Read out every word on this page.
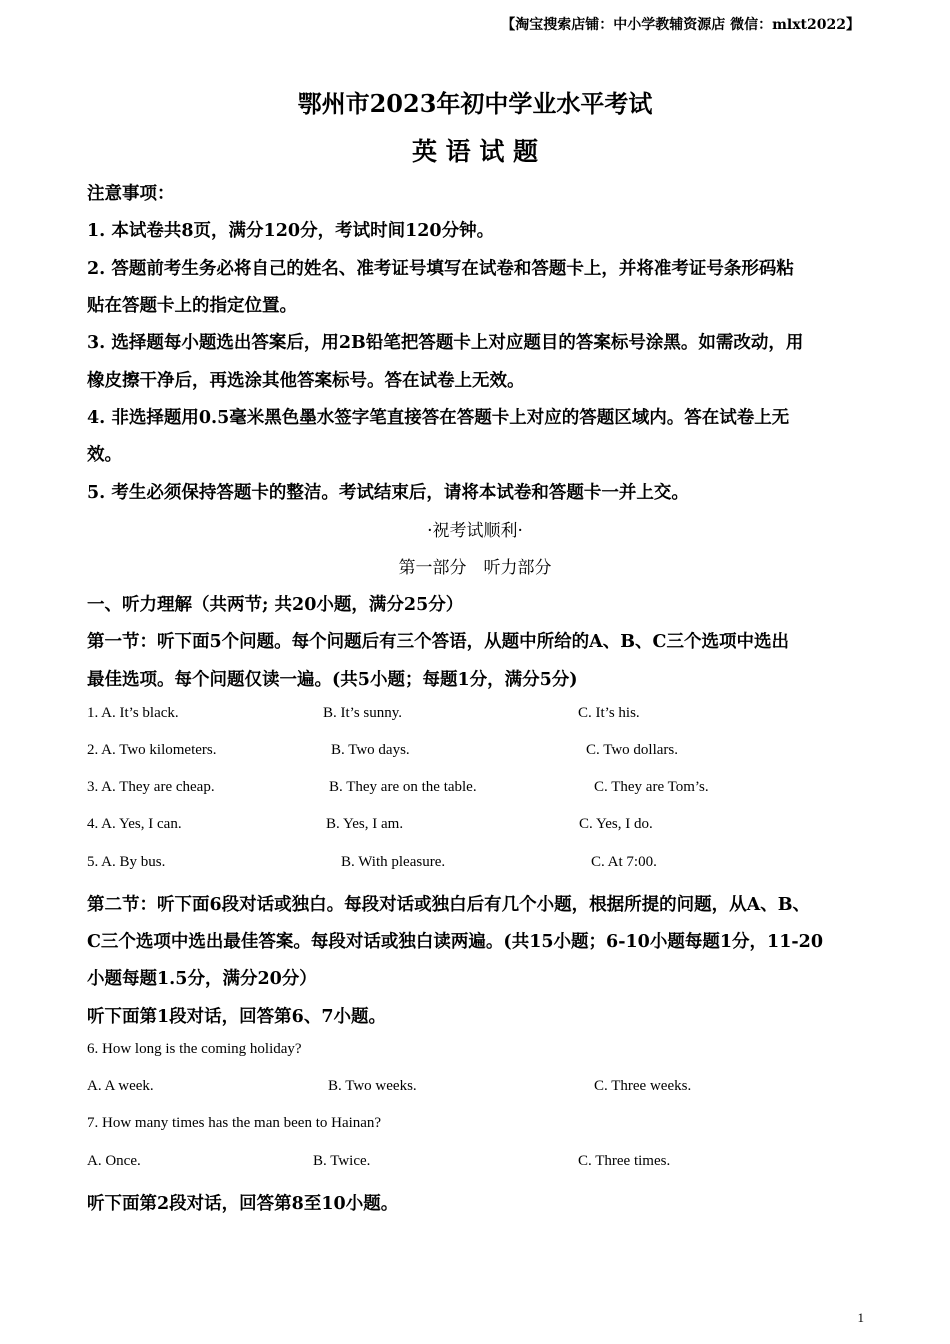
【淘宝搜索店铺：中小学教辅资源店 微信：mlxt2022】
鄂州市2023年初中学业水平考试
英 语 试 题
注意事项：
1. 本试卷共8页，满分120分，考试时间120分钟。
2. 答题前考生务必将自己的姓名、准考证号填写在试卷和答题卡上，并将准考证号条形码粘
贴在答题卡上的指定位置。
3. 选择题每小题选出答案后，用2B铅笔把答题卡上对应题目的答案标号涂黑。如需改动，用
橡皮擦干净后，再选涂其他答案标号。答在试卷上无效。
4. 非选择题用0.5毫米黑色墨水签字笔直接答在答题卡上对应的答题区域内。答在试卷上无
效。
5. 考生必须保持答题卡的整洁。考试结束后，请将本试卷和答题卡一并上交。
·祝考试顺利·
第一部分　听力部分
一、听力理解（共两节; 共20小题，满分25分）
第一节：听下面5个问题。每个问题后有三个答语，从题中所给的A、B、C三个选项中选出
最佳选项。每个问题仅读一遍。(共5小题；每题1分，满分5分)
1. A. It’s black.	B. It’s sunny.	C. It’s his.
2. A. Two kilometers.	B. Two days.	C. Two dollars.
3. A. They are cheap.	B. They are on the table.	C. They are Tom’s.
4. A. Yes, I can.	B. Yes, I am.	C. Yes, I do.
5. A. By bus.	B. With pleasure.	C. At 7:00.
第二节：听下面6段对话或独白。每段对话或独白后有几个小题，根据所提的问题，从A、B、
C三个选项中选出最佳答案。每段对话或独白读两遍。(共15小题；6-10小题每题1分，11-20
小题每题1.5分，满分20分）
听下面第1段对话，回答第6、7小题。
6. How long is the coming holiday?
A. A week.	B. Two weeks.	C. Three weeks.
7. How many times has the man been to Hainan?
A. Once.	B. Twice.	C. Three times.
听下面第2段对话，回答第8至10小题。
1
